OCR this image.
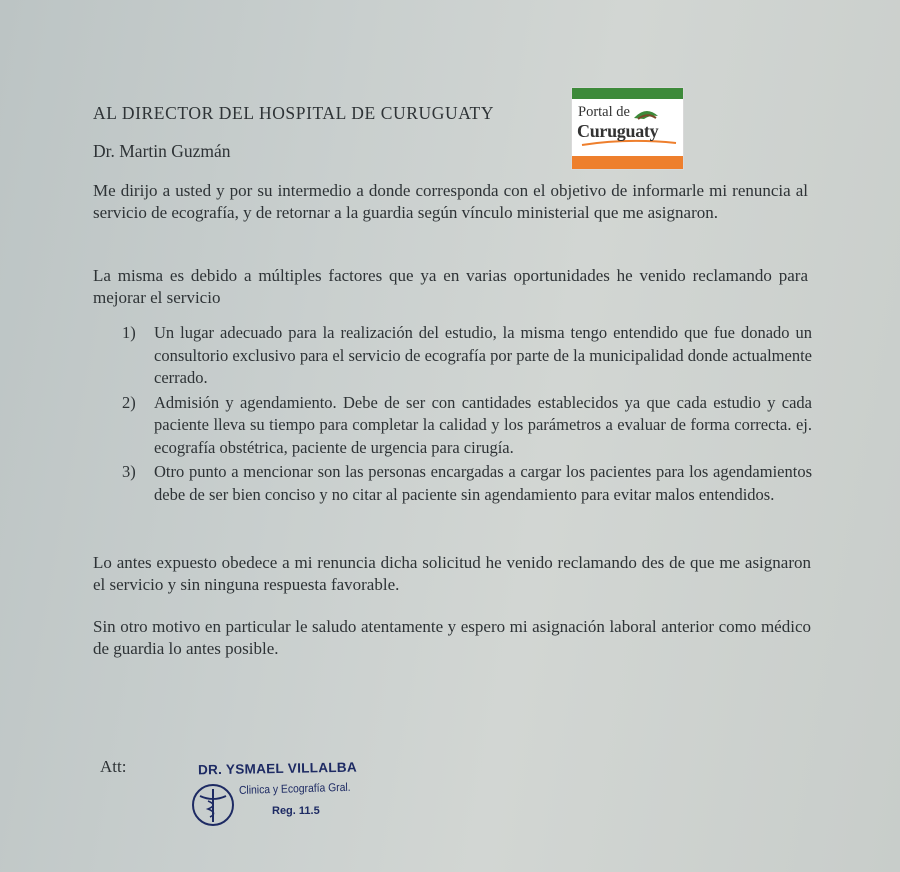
AL DIRECTOR DEL HOSPITAL DE CURUGUATY
Dr. Martin Guzmán
Me dirijo a usted y por su intermedio a donde corresponda con el objetivo de informarle mi renuncia al servicio de ecografía, y de retornar a la guardia según vínculo ministerial que me asignaron.
La misma es debido a múltiples factores que ya en varias oportunidades he venido reclamando para mejorar el servicio
1) Un lugar adecuado para la realización del estudio, la misma tengo entendido que fue donado un consultorio exclusivo para el servicio de ecografía por parte de la municipalidad donde actualmente cerrado.
2) Admisión y agendamiento. Debe de ser con cantidades establecidos ya que cada estudio y cada paciente lleva su tiempo para completar la calidad y los parámetros a evaluar de forma correcta. ej. ecografía obstétrica, paciente de urgencia para cirugía.
3) Otro punto a mencionar son las personas encargadas a cargar los pacientes para los agendamientos debe de ser bien conciso y no citar al paciente sin agendamiento para evitar malos entendidos.
Lo antes expuesto obedece a mi renuncia dicha solicitud he venido reclamando des de que me asignaron el servicio y sin ninguna respuesta favorable.
Sin otro motivo en particular le saludo atentamente y espero mi asignación laboral anterior como médico de guardia lo antes posible.
Att:
Portal de
Curuguaty
DR. YSMAEL VILLALBA
Clinica y Ecografía Gral.
Reg. 11.5
